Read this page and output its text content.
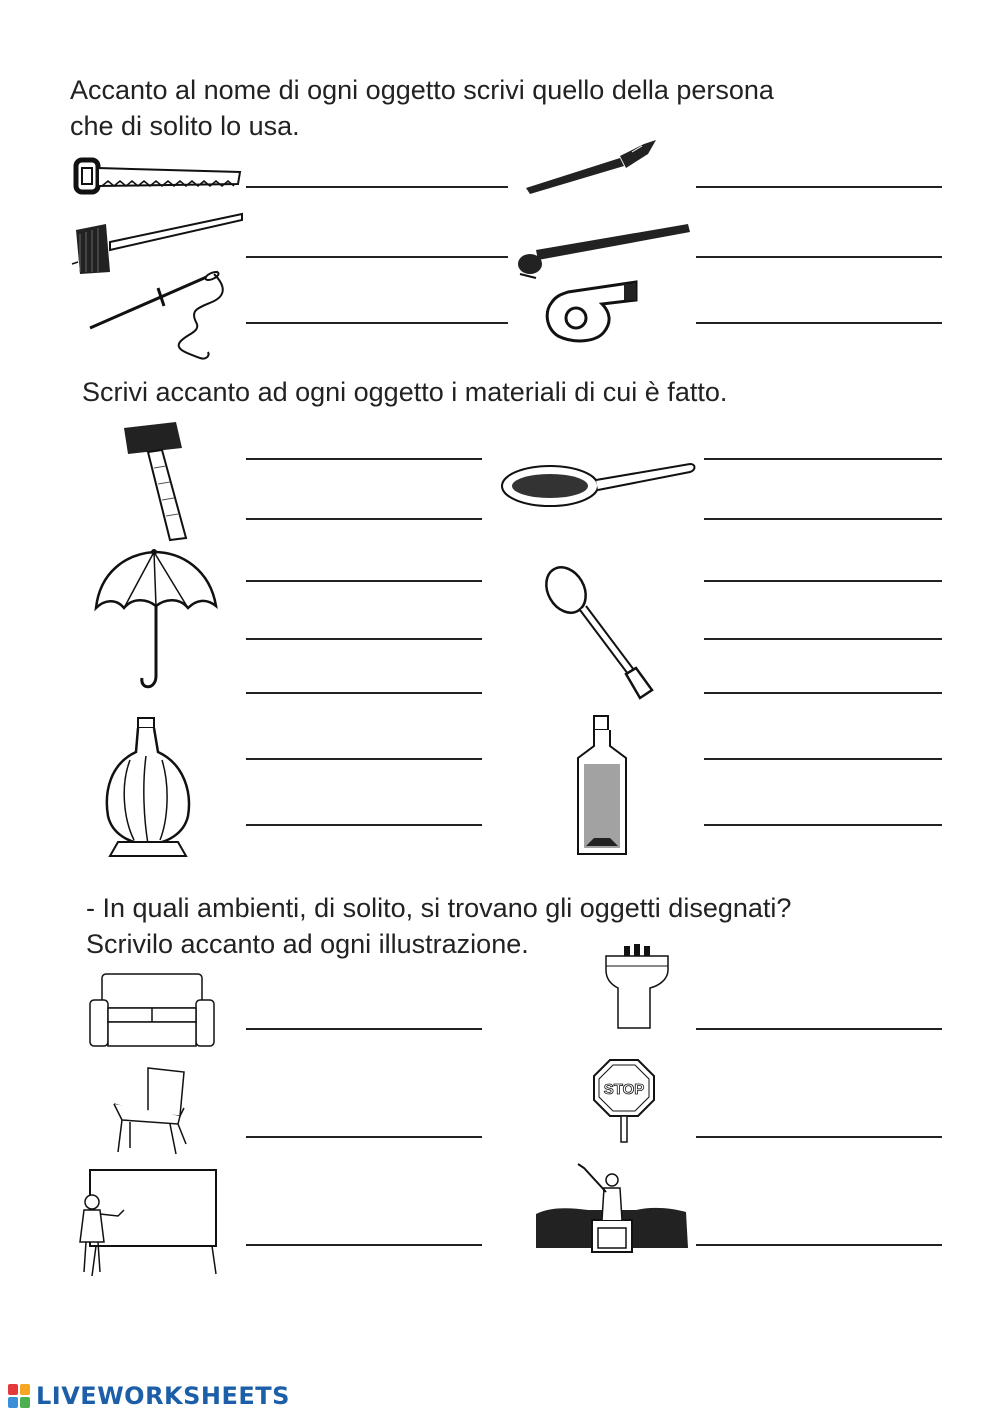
Accanto al nome di ogni oggetto scrivi quello della persona
che di solito lo usa.
Scrivi accanto ad ogni oggetto i materiali di cui è fatto.
- In quali ambienti, di solito, si trovano gli oggetti disegnati?
Scrivilo accanto ad ogni illustrazione.
STOP
LIVEWORKSHEETS
